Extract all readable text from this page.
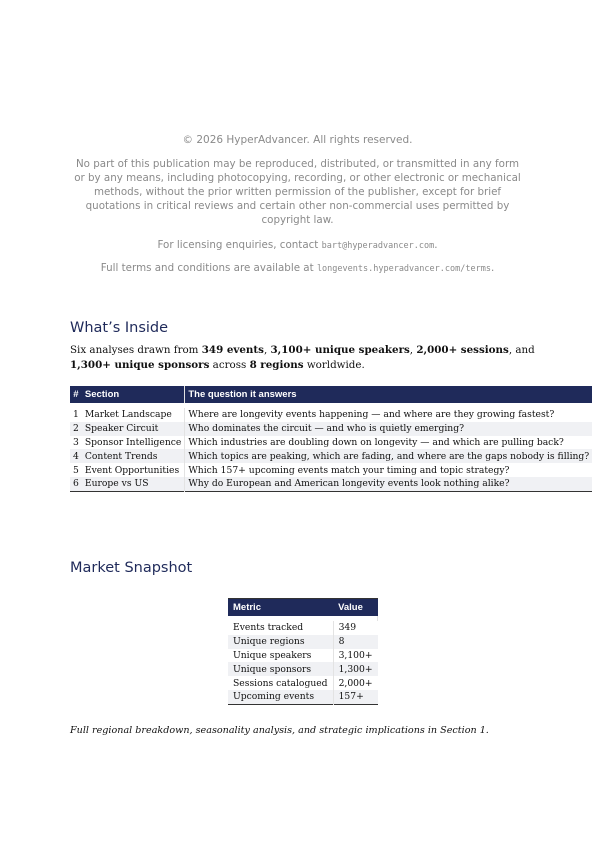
© 2026 HyperAdvancer. All rights reserved.

No part of this publication may be reproduced, distributed, or transmitted in any form or by any means, including photocopying, recording, or other electronic or mechanical methods, without the prior written permission of the publisher, except for brief quotations in critical reviews and certain other non-commercial uses permitted by copyright law.

For licensing enquiries, contact bart@hyperadvancer.com.

Full terms and conditions are available at longevents.hyperadvancer.com/terms.

What’s Inside
Six analyses drawn from 349 events, 3,100+ unique speakers, 2,000+ sessions, and 1,300+ unique sponsors across 8 regions worldwide.
#	Section	The question it answers

1	Market Landscape	Where are longevity events happening — and where are they growing fastest?
2	Speaker Circuit	Who dominates the circuit — and who is quietly emerging?
3	Sponsor Intelligence	Which industries are doubling down on longevity — and which are pulling back?
4	Content Trends	Which topics are peaking, which are fading, and where are the gaps nobody is filling?
5	Event Opportunities	Which 157+ upcoming events match your timing and topic strategy?
6	Europe vs US	Why do European and American longevity events look nothing alike?
Market Snapshot
Metric	Value

Events tracked	349
Unique regions	8
Unique speakers	3,100+
Unique sponsors	1,300+
Sessions catalogued	2,000+
Upcoming events	157+
Full regional breakdown, seasonality analysis, and strategic implications in Section 1.
